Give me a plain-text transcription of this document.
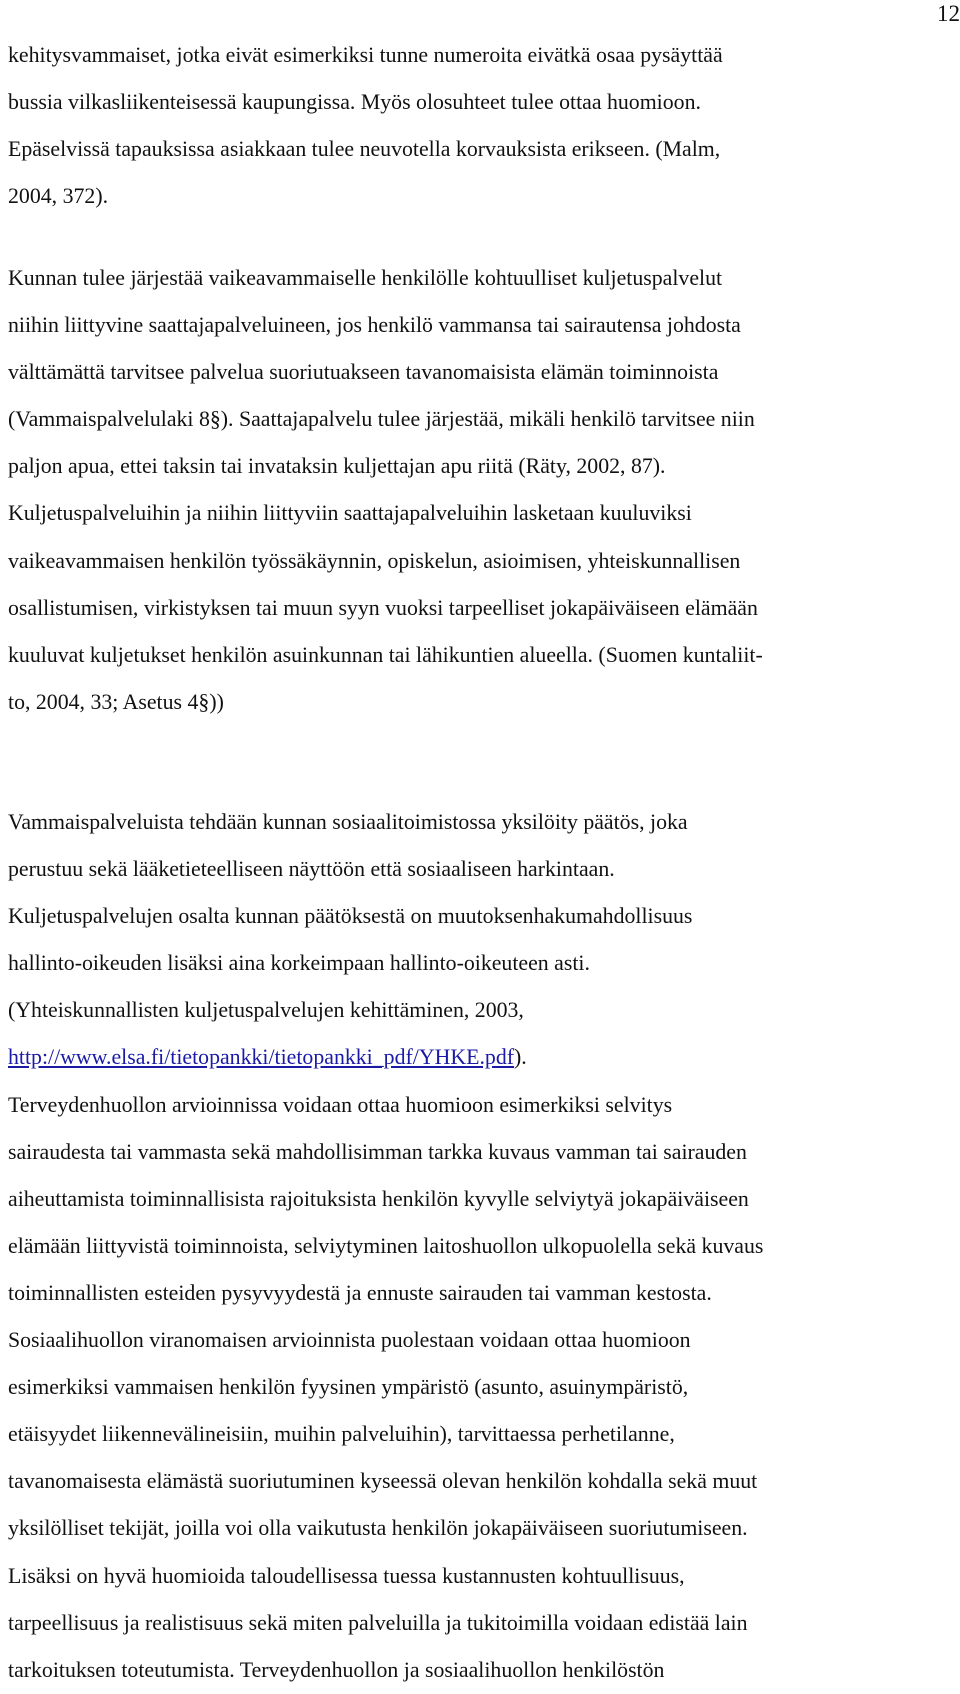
12
kehitysvammaiset, jotka eivät esimerkiksi tunne numeroita eivätkä osaa pysäyttää
bussia vilkasliikenteisessä kaupungissa. Myös olosuhteet tulee ottaa huomioon.
Epäselvissä tapauksissa asiakkaan tulee neuvotella korvauksista erikseen. (Malm,
2004, 372).
Kunnan tulee järjestää vaikeavammaiselle henkilölle kohtuulliset kuljetuspalvelut
niihin liittyvine saattajapalveluineen, jos henkilö vammansa tai sairautensa johdosta
välttämättä tarvitsee palvelua suoriutuakseen tavanomaisista elämän toiminnoista
(Vammaispalvelulaki 8§). Saattajapalvelu tulee järjestää, mikäli henkilö tarvitsee niin
paljon apua, ettei taksin tai invataksin kuljettajan apu riitä (Räty, 2002, 87).
Kuljetuspalveluihin ja niihin liittyviin saattajapalveluihin lasketaan kuuluviksi
vaikeavammaisen henkilön työssäkäynnin, opiskelun, asioimisen, yhteiskunnallisen
osallistumisen, virkistyksen tai muun syyn vuoksi tarpeelliset jokapäiväiseen elämään
kuuluvat kuljetukset henkilön asuinkunnan tai lähikuntien alueella. (Suomen kuntaliit-
to, 2004, 33; Asetus 4§))
Vammaispalveluista tehdään kunnan sosiaalitoimistossa yksilöity päätös, joka
perustuu sekä lääketieteelliseen näyttöön että sosiaaliseen harkintaan.
Kuljetuspalvelujen osalta kunnan päätöksestä on muutoksenhakumahdollisuus
hallinto-oikeuden lisäksi aina korkeimpaan hallinto-oikeuteen asti.
(Yhteiskunnallisten kuljetuspalvelujen kehittäminen, 2003,
http://www.elsa.fi/tietopankki/tietopankki_pdf/YHKE.pdf).
Terveydenhuollon arvioinnissa voidaan ottaa huomioon esimerkiksi selvitys
sairaudesta tai vammasta sekä mahdollisimman tarkka kuvaus vamman tai sairauden
aiheuttamista toiminnallisista rajoituksista henkilön kyvylle selviytyä jokapäiväiseen
elämään liittyvistä toiminnoista, selviytyminen laitoshuollon ulkopuolella sekä kuvaus
toiminnallisten esteiden pysyvyydestä ja ennuste sairauden tai vamman kestosta.
Sosiaalihuollon viranomaisen arvioinnista puolestaan voidaan ottaa huomioon
esimerkiksi vammaisen henkilön fyysinen ympäristö (asunto, asuinympäristö,
etäisyydet liikennevälineisiin, muihin palveluihin), tarvittaessa perhetilanne,
tavanomaisesta elämästä suoriutuminen kyseessä olevan henkilön kohdalla sekä muut
yksilölliset tekijät, joilla voi olla vaikutusta henkilön jokapäiväiseen suoriutumiseen.
Lisäksi on hyvä huomioida taloudellisessa tuessa kustannusten kohtuullisuus,
tarpeellisuus ja realistisuus sekä miten palveluilla ja tukitoimilla voidaan edistää lain
tarkoituksen toteutumista. Terveydenhuollon ja sosiaalihuollon henkilöstön
